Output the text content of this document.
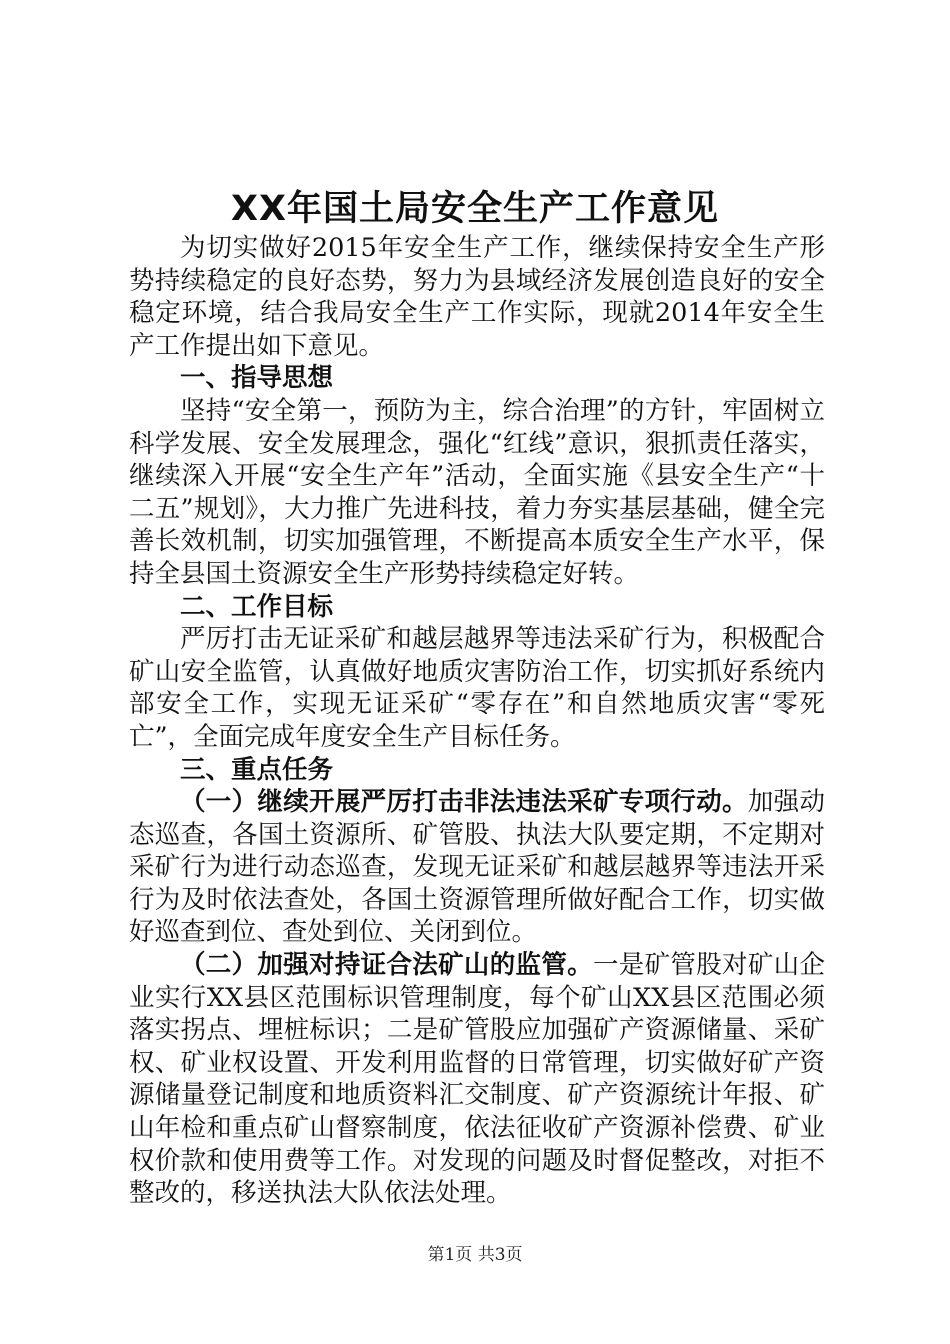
XX年国土局安全生产工作意见

为切实做好2015年安全生产工作，继续保持安全生产形势持续稳定的良好态势，努力为县域经济发展创造良好的安全稳定环境，结合我局安全生产工作实际，现就2014年安全生产工作提出如下意见。

一、指导思想

坚持“安全第一，预防为主，综合治理”的方针，牢固树立科学发展、安全发展理念，强化“红线”意识，狠抓责任落实，继续深入开展“安全生产年”活动，全面实施《县安全生产“十二五”规划》，大力推广先进科技，着力夯实基层基础，健全完善长效机制，切实加强管理，不断提高本质安全生产水平，保持全县国土资源安全生产形势持续稳定好转。

二、工作目标

严厉打击无证采矿和越层越界等违法采矿行为，积极配合矿山安全监管，认真做好地质灾害防治工作，切实抓好系统内部安全工作，实现无证采矿“零存在”和自然地质灾害“零死亡”，全面完成年度安全生产目标任务。

三、重点任务

（一）继续开展严厉打击非法违法采矿专项行动。加强动态巡查，各国土资源所、矿管股、执法大队要定期，不定期对采矿行为进行动态巡查，发现无证采矿和越层越界等违法开采行为及时依法查处，各国土资源管理所做好配合工作，切实做好巡查到位、查处到位、关闭到位。

（二）加强对持证合法矿山的监管。一是矿管股对矿山企业实行XX县区范围标识管理制度，每个矿山XX县区范围必须落实拐点、埋桩标识；二是矿管股应加强矿产资源储量、采矿权、矿业权设置、开发利用监督的日常管理，切实做好矿产资源储量登记制度和地质资料汇交制度、矿产资源统计年报、矿山年检和重点矿山督察制度，依法征收矿产资源补偿费、矿业权价款和使用费等工作。对发现的问题及时督促整改，对拒不整改的，移送执法大队依法处理。

第1页 共3页
